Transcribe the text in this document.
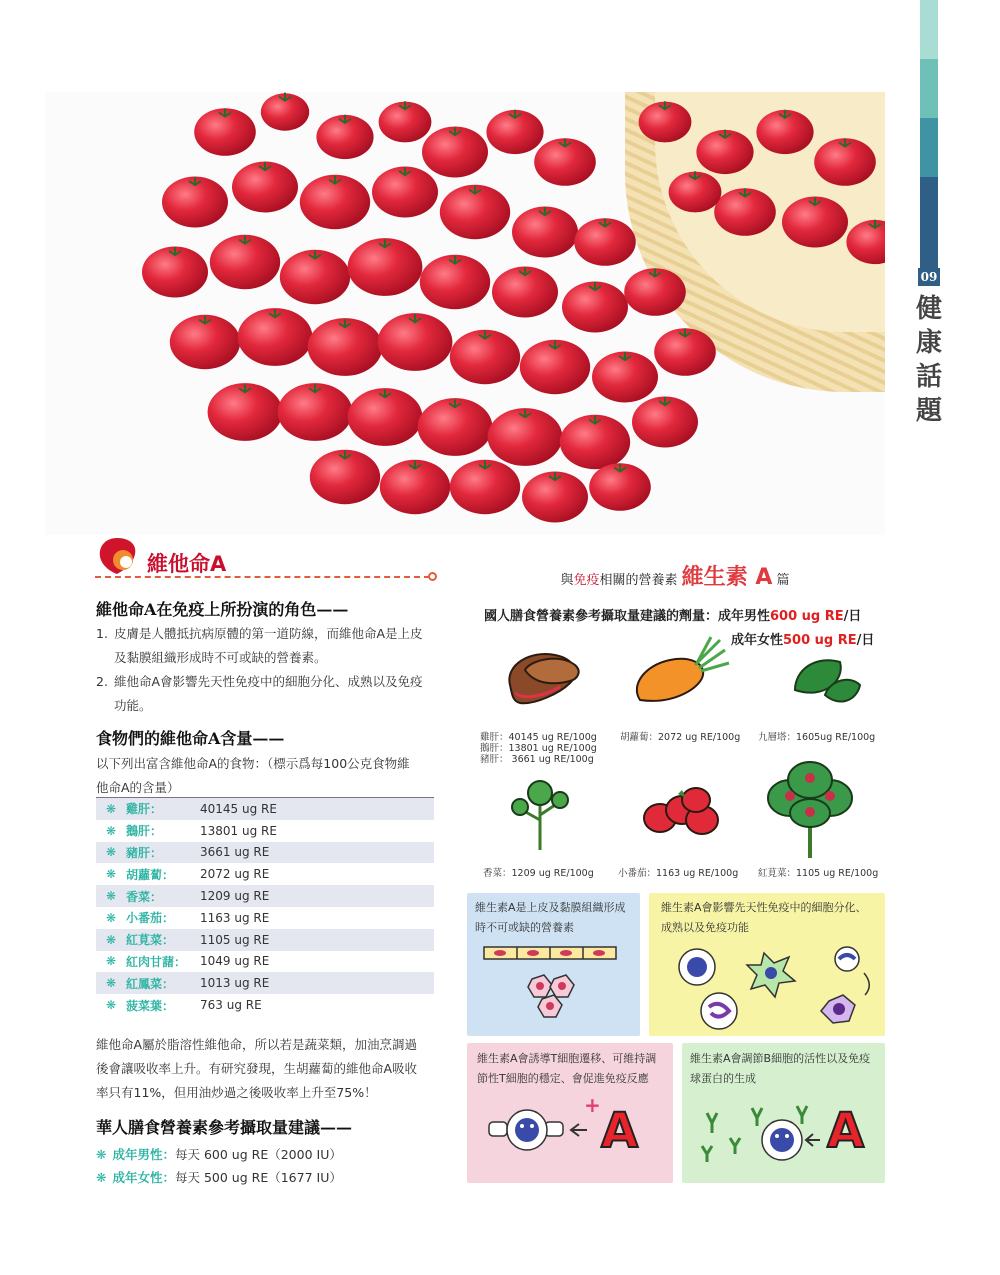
09
健
康
話
題
維他命A
維他命A在免疫上所扮演的角色——
1. 皮膚是人體抵抗病原體的第一道防線，而維他命A是上皮
及黏膜組織形成時不可或缺的營養素。
2. 維他命A會影響先天性免疫中的細胞分化、成熟以及免疫
功能。
食物們的維他命A含量——
以下列出富含維他命A的食物：（標示爲每100公克食物維
他命A的含量）
❋ 雞肝：	40145 ug RE
❋ 鵝肝：	13801 ug RE
❋ 豬肝：	3661 ug RE
❋ 胡蘿蔔：	2072 ug RE
❋ 香菜：	1209 ug RE
❋ 小番茄：	1163 ug RE
❋ 紅莧菜：	1105 ug RE
❋ 紅肉甘藷：	1049 ug RE
❋ 紅鳳菜：	1013 ug RE
❋ 菠菜葉：	763 ug RE
維他命A屬於脂溶性維他命，所以若是蔬菜類，加油烹調過
後會讓吸收率上升。有研究發現，生胡蘿蔔的維他命A吸收
率只有11%，但用油炒過之後吸收率上升至75%！
華人膳食營養素參考攝取量建議——
❋ 成年男性：每天 600 ug RE（2000 IU）
❋ 成年女性：每天 500 ug RE（1677 IU）
與免疫相關的營養素 維生素 A 篇
國人膳食營養素參考攝取量建議的劑量：成年男性600 ug RE/日
成年女性500 ug RE/日
雞肝：40145 ug RE/100g
鵝肝：13801 ug RE/100g
豬肝： 3661 ug RE/100g
胡蘿蔔：2072 ug RE/100g 九層塔：1605ug RE/100g
香菜：1209 ug RE/100g	小番茄：1163 ug RE/100g 紅莧菜：1105 ug RE/100g
維生素A是上皮及黏膜組織形成
時不可或缺的營養素
維生素A會影響先天性免疫中的細胞分化、
成熟以及免疫功能
維生素A會誘導T細胞遷移、可維持調
節性T細胞的穩定、會促進免疫反應
+ A
維生素A會調節B細胞的活性以及免疫
球蛋白的生成
A
